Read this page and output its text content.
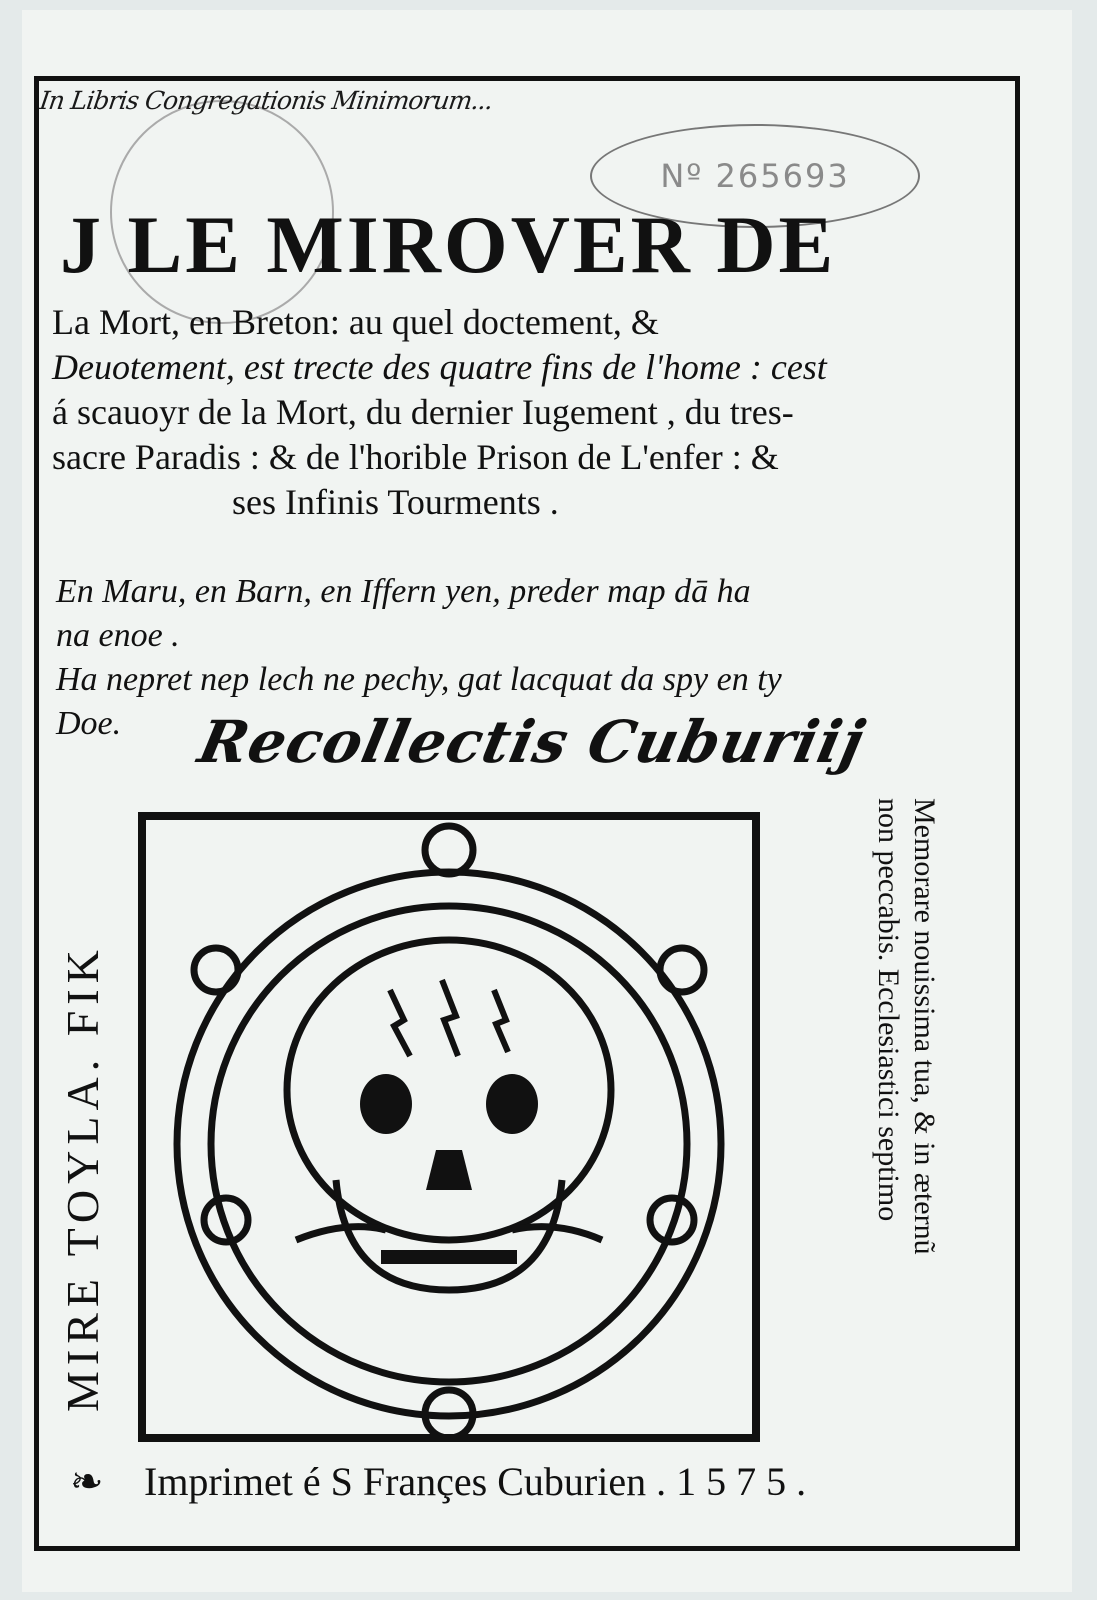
In Libris Congregationis Minimorum...
Nº 265693
J LE MIROVER DE
La Mort, en Breton: au quel doctement, &
Deuotement, est trecte des quatre fins de l'home : cest
á scauoyr de la Mort, du dernier Iugement , du tres-
sacre Paradis : & de l'horible Prison de L'enfer : &
ses Infinis Tourments .
En Maru, en Barn, en Iffern yen, preder map dā ha
na enoe .
Ha nepret nep lech ne pechy, gat lacquat da spy en ty
Doe.	Recollectis Cuburiij
MIRE TOYLA. FIK	Memorare nouissima tua, & in æternũ
non peccabis. Ecclesiastici septimo
❧ Imprimet é S Françes Cuburien . 1 5 7 5 .
